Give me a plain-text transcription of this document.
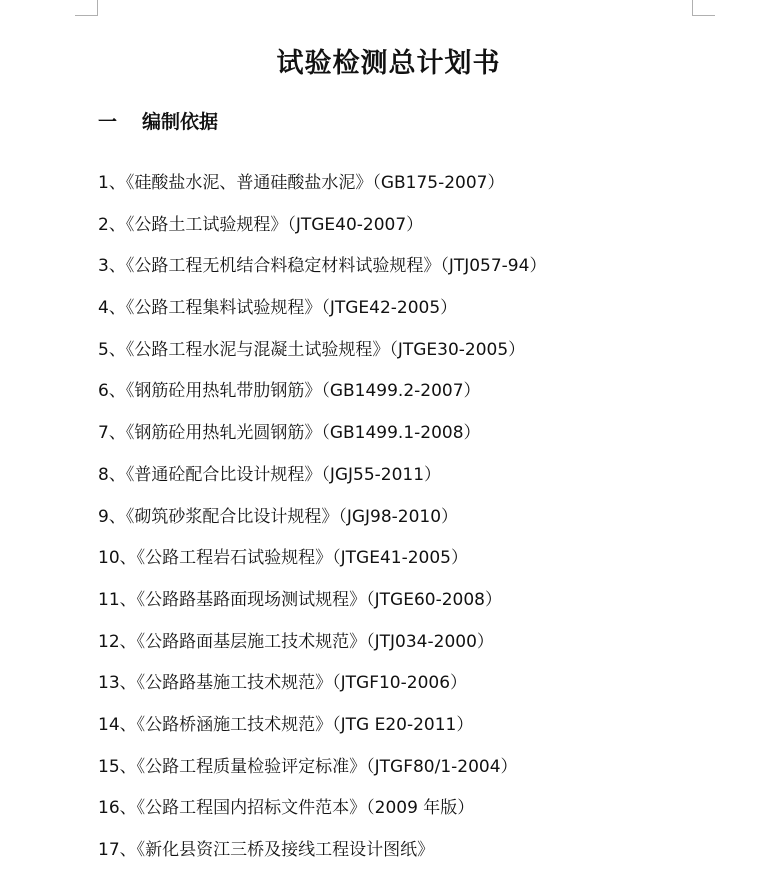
试验检测总计划书
一	编制依据
1、《硅酸盐水泥、普通硅酸盐水泥》（GB175-2007）
2、《公路土工试验规程》（JTGE40-2007）
3、《公路工程无机结合料稳定材料试验规程》（JTJ057-94）
4、《公路工程集料试验规程》（JTGE42-2005）
5、《公路工程水泥与混凝土试验规程》（JTGE30-2005）
6、《钢筋砼用热轧带肋钢筋》（GB1499.2-2007）
7、《钢筋砼用热轧光圆钢筋》（GB1499.1-2008）
8、《普通砼配合比设计规程》（JGJ55-2011）
9、《砌筑砂浆配合比设计规程》（JGJ98-2010）
10、《公路工程岩石试验规程》（JTGE41-2005）
11、《公路路基路面现场测试规程》（JTGE60-2008）
12、《公路路面基层施工技术规范》（JTJ034-2000）
13、《公路路基施工技术规范》（JTGF10-2006）
14、《公路桥涵施工技术规范》（JTG E20-2011）
15、《公路工程质量检验评定标准》（JTGF80/1-2004）
16、《公路工程国内招标文件范本》（2009 年版）
17、《新化县资江三桥及接线工程设计图纸》
